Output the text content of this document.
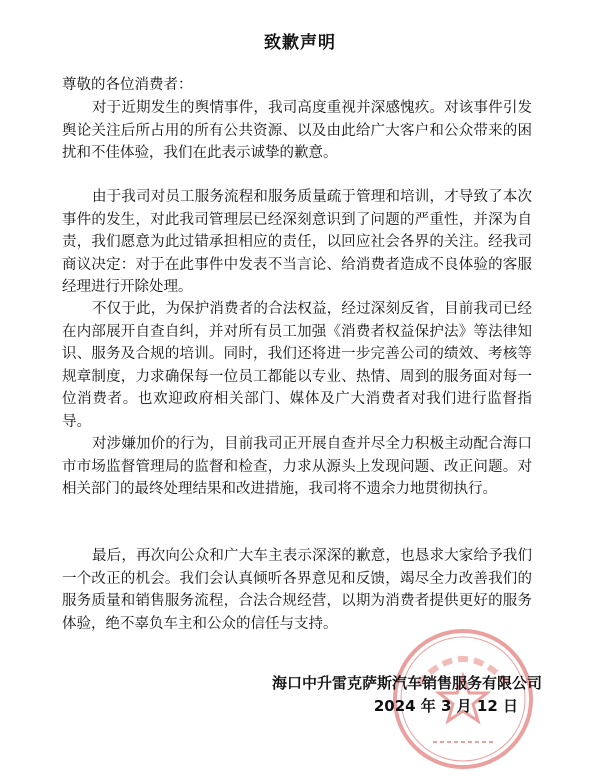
致歉声明
尊敬的各位消费者：

对于近期发生的舆情事件，我司高度重视并深感愧疚。对该事件引发舆论关注后所占用的所有公共资源、以及由此给广大客户和公众带来的困扰和不佳体验，我们在此表示诚挚的歉意。

由于我司对员工服务流程和服务质量疏于管理和培训，才导致了本次事件的发生，对此我司管理层已经深刻意识到了问题的严重性，并深为自责，我们愿意为此过错承担相应的责任，以回应社会各界的关注。经我司商议决定：对于在此事件中发表不当言论、给消费者造成不良体验的客服经理进行开除处理。

不仅于此，为保护消费者的合法权益，经过深刻反省，目前我司已经在内部展开自查自纠，并对所有员工加强《消费者权益保护法》等法律知识、服务及合规的培训。同时，我们还将进一步完善公司的绩效、考核等规章制度，力求确保每一位员工都能以专业、热情、周到的服务面对每一位消费者。也欢迎政府相关部门、媒体及广大消费者对我们进行监督指导。

对涉嫌加价的行为，目前我司正开展自查并尽全力积极主动配合海口市市场监督管理局的监督和检查，力求从源头上发现问题、改正问题。对相关部门的最终处理结果和改进措施，我司将不遗余力地贯彻执行。

最后，再次向公众和广大车主表示深深的歉意，也恳求大家给予我们一个改正的机会。我们会认真倾听各界意见和反馈，竭尽全力改善我们的服务质量和销售服务流程，合法合规经营，以期为消费者提供更好的服务体验，绝不辜负车主和公众的信任与支持。

海口中升雷克萨斯汽车销售服务有限公司
2024 年 3 月 12 日
